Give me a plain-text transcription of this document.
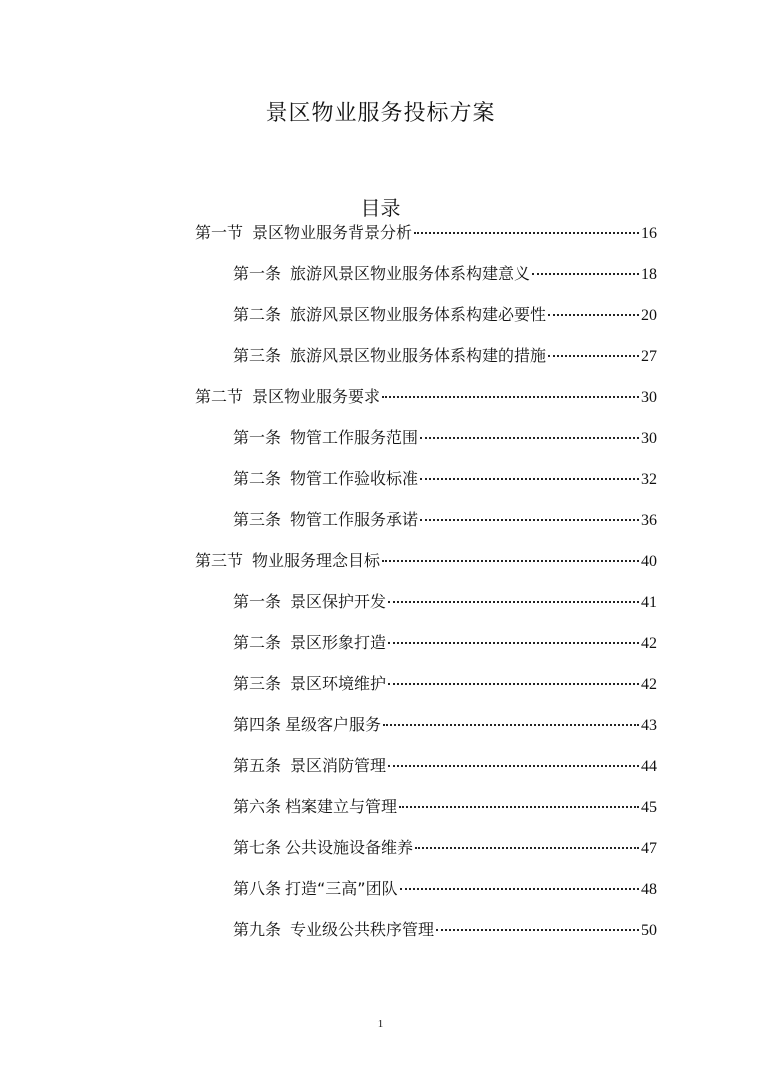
景区物业服务投标方案
目录
第一节 景区物业服务背景分析	16
第一条 旅游风景区物业服务体系构建意义	18
第二条 旅游风景区物业服务体系构建必要性	20
第三条 旅游风景区物业服务体系构建的措施	27
第二节 景区物业服务要求	30
第一条 物管工作服务范围	30
第二条 物管工作验收标准	32
第三条 物管工作服务承诺	36
第三节 物业服务理念目标	40
第一条 景区保护开发	41
第二条 景区形象打造	42
第三条 景区环境维护	42
第四条 星级客户服务	43
第五条 景区消防管理	44
第六条 档案建立与管理	45
第七条 公共设施设备维养	47
第八条 打造“三高”团队	48
第九条 专业级公共秩序管理	50
1
